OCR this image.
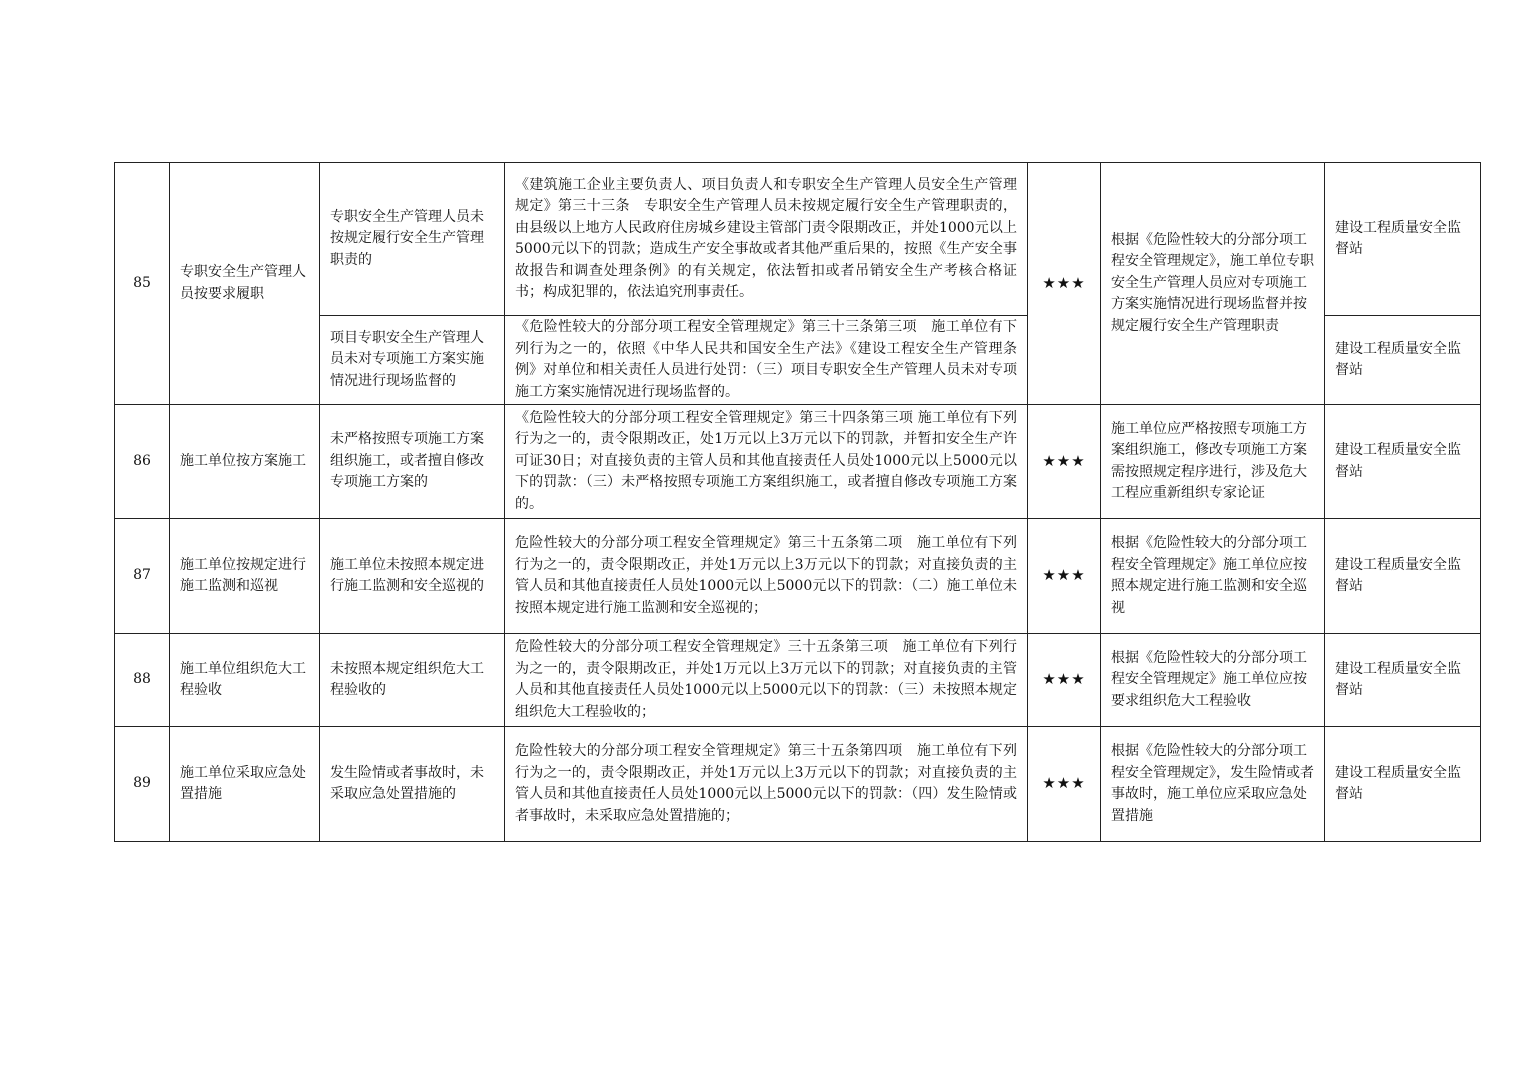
85	专职安全生产管理人员按要求履职	专职安全生产管理人员未按规定履行安全生产管理职责的	《建筑施工企业主要负责人、项目负责人和专职安全生产管理人员安全生产管理规定》第三十三条　专职安全生产管理人员未按规定履行安全生产管理职责的，由县级以上地方人民政府住房城乡建设主管部门责令限期改正，并处1000元以上5000元以下的罚款；造成生产安全事故或者其他严重后果的，按照《生产安全事故报告和调查处理条例》的有关规定，依法暂扣或者吊销安全生产考核合格证书；构成犯罪的，依法追究刑事责任。	★★★	根据《危险性较大的分部分项工程安全管理规定》，施工单位专职安全生产管理人员应对专项施工方案实施情况进行现场监督并按规定履行安全生产管理职责	建设工程质量安全监督站
		项目专职安全生产管理人员未对专项施工方案实施情况进行现场监督的	《危险性较大的分部分项工程安全管理规定》第三十三条第三项　施工单位有下列行为之一的，依照《中华人民共和国安全生产法》《建设工程安全生产管理条例》对单位和相关责任人员进行处罚：（三）项目专职安全生产管理人员未对专项施工方案实施情况进行现场监督的。			建设工程质量安全监督站
86	施工单位按方案施工	未严格按照专项施工方案组织施工，或者擅自修改专项施工方案的	《危险性较大的分部分项工程安全管理规定》第三十四条第三项 施工单位有下列行为之一的，责令限期改正，处1万元以上3万元以下的罚款，并暂扣安全生产许可证30日；对直接负责的主管人员和其他直接责任人员处1000元以上5000元以下的罚款：（三）未严格按照专项施工方案组织施工，或者擅自修改专项施工方案的。	★★★	施工单位应严格按照专项施工方案组织施工，修改专项施工方案需按照规定程序进行，涉及危大工程应重新组织专家论证	建设工程质量安全监督站
87	施工单位按规定进行施工监测和巡视	施工单位未按照本规定进行施工监测和安全巡视的	危险性较大的分部分项工程安全管理规定》第三十五条第二项　施工单位有下列行为之一的，责令限期改正，并处1万元以上3万元以下的罚款；对直接负责的主管人员和其他直接责任人员处1000元以上5000元以下的罚款：（二）施工单位未按照本规定进行施工监测和安全巡视的；	★★★	根据《危险性较大的分部分项工程安全管理规定》施工单位应按照本规定进行施工监测和安全巡视	建设工程质量安全监督站
88	施工单位组织危大工程验收	未按照本规定组织危大工程验收的	危险性较大的分部分项工程安全管理规定》三十五条第三项　施工单位有下列行为之一的，责令限期改正，并处1万元以上3万元以下的罚款；对直接负责的主管人员和其他直接责任人员处1000元以上5000元以下的罚款：（三）未按照本规定组织危大工程验收的；	★★★	根据《危险性较大的分部分项工程安全管理规定》施工单位应按要求组织危大工程验收	建设工程质量安全监督站
89	施工单位采取应急处置措施	发生险情或者事故时，未采取应急处置措施的	危险性较大的分部分项工程安全管理规定》第三十五条第四项　施工单位有下列行为之一的，责令限期改正，并处1万元以上3万元以下的罚款；对直接负责的主管人员和其他直接责任人员处1000元以上5000元以下的罚款：（四）发生险情或者事故时，未采取应急处置措施的；	★★★	根据《危险性较大的分部分项工程安全管理规定》，发生险情或者事故时，施工单位应采取应急处置措施	建设工程质量安全监督站
